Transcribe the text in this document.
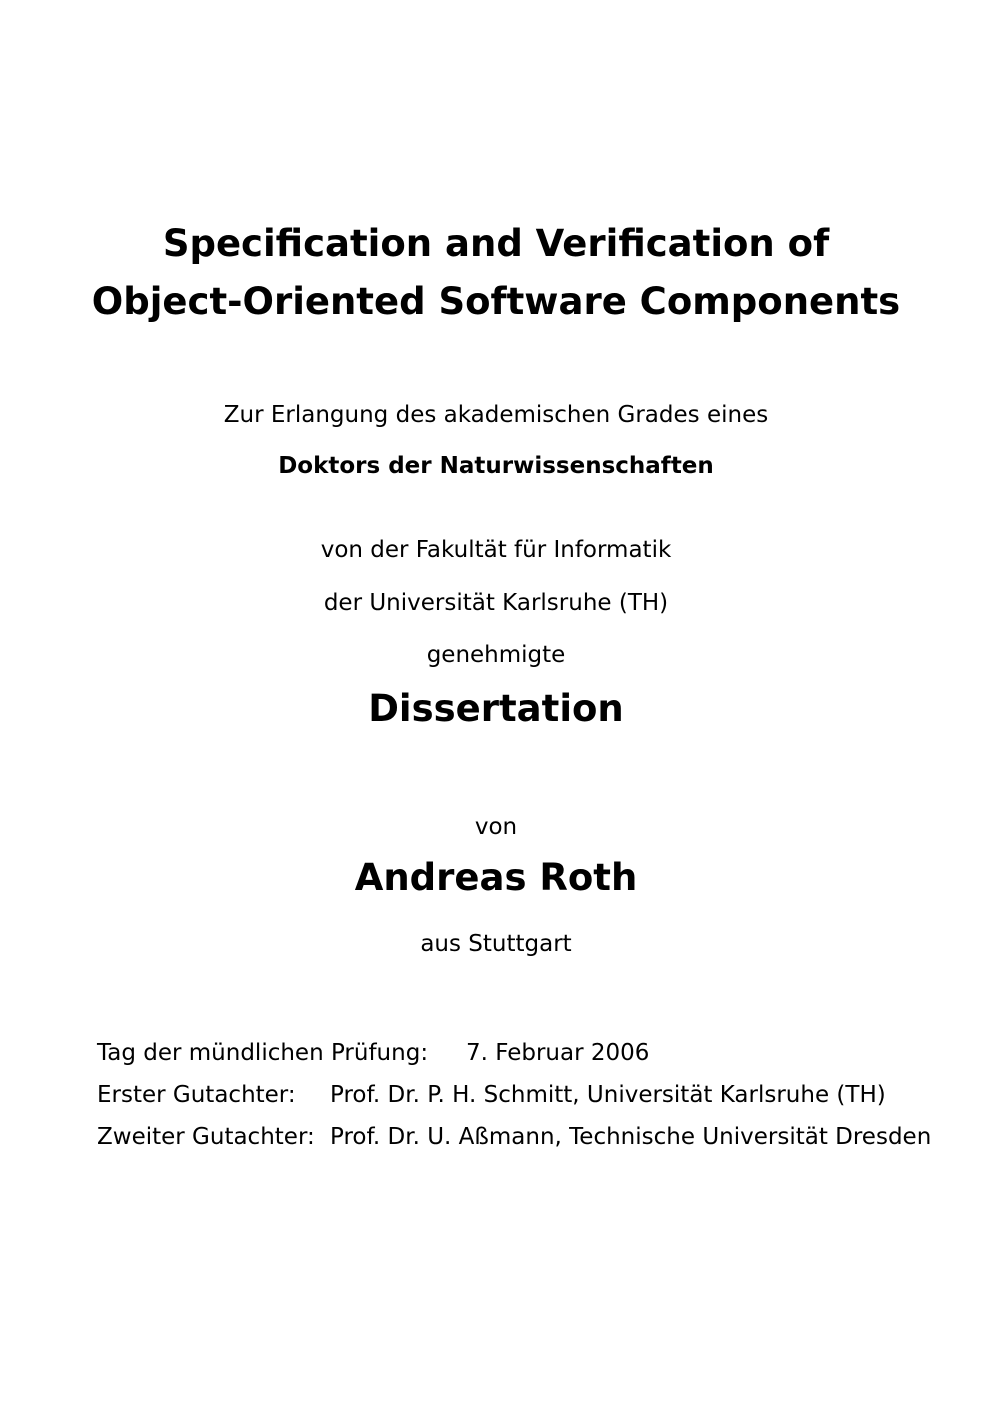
Specification and Verification of
Object-Oriented Software Components
Zur Erlangung des akademischen Grades eines
Doktors der Naturwissenschaften
von der Fakultät für Informatik
der Universität Karlsruhe (TH)
genehmigte
Dissertation
von
Andreas Roth
aus Stuttgart
Tag der mündlichen Prüfung: 7. Februar 2006
Erster Gutachter: Prof. Dr. P. H. Schmitt, Universität Karlsruhe (TH)
Zweiter Gutachter: Prof. Dr. U. Aßmann, Technische Universität Dresden
